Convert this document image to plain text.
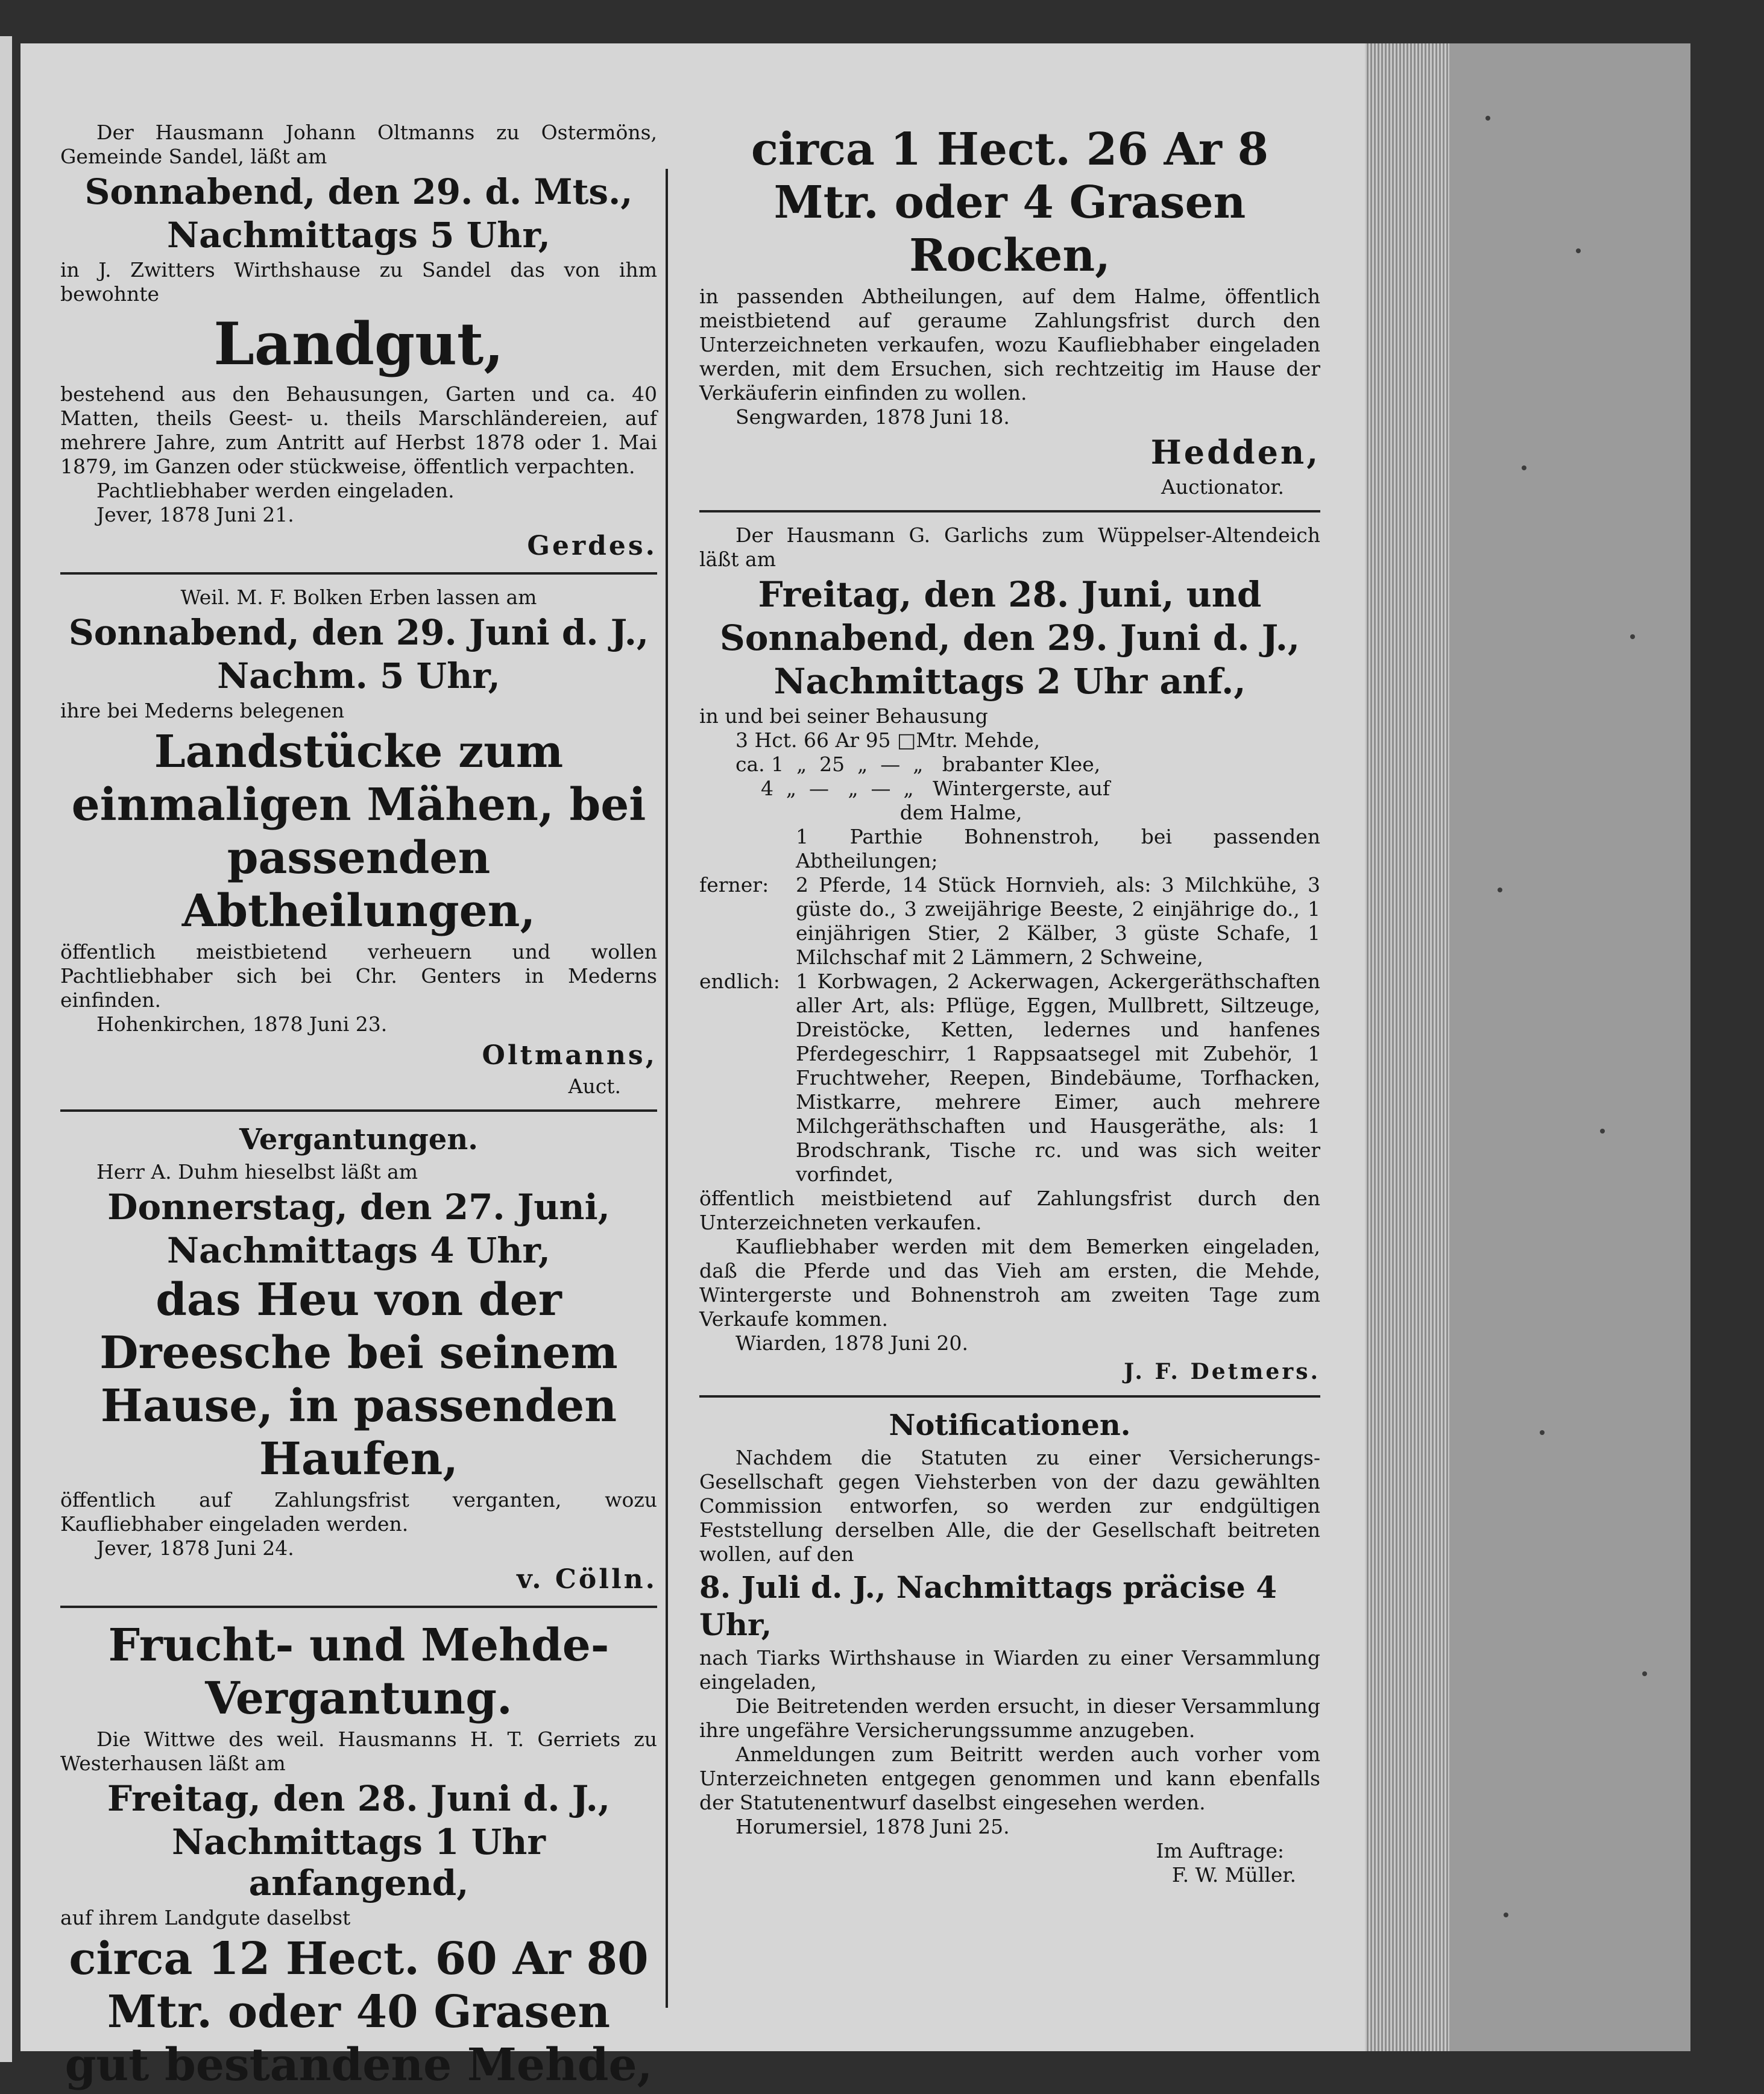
Der Hausmann Johann Oltmanns zu Ostermöns, Gemeinde Sandel, läßt am

Sonnabend, den 29. d. Mts.,
Nachmittags 5 Uhr,

in J. Zwitters Wirthshause zu Sandel das von ihm bewohnte

Landgut,

bestehend aus den Behausungen, Garten und ca. 40 Matten, theils Geest- u. theils Marschländereien, auf mehrere Jahre, zum Antritt auf Herbst 1878 oder 1. Mai 1879, im Ganzen oder stückweise, öffentlich verpachten.

Pachtliebhaber werden eingeladen.

Jever, 1878 Juni 21.

Gerdes.

Weil. M. F. Bolken Erben lassen am

Sonnabend, den 29. Juni d. J.,
Nachm. 5 Uhr,

ihre bei Mederns belegenen

Landstücke zum einmaligen Mähen, bei passenden Abtheilungen,

öffentlich meistbietend verheuern und wollen Pachtliebhaber sich bei Chr. Genters in Mederns einfinden.

Hohenkirchen, 1878 Juni 23.

Oltmanns,

Auct.

Vergantungen.

Herr A. Duhm hieselbst läßt am

Donnerstag, den 27. Juni,
Nachmittags 4 Uhr,
das Heu von der Dreesche bei seinem Hause, in passenden Haufen,

öffentlich auf Zahlungsfrist verganten, wozu Kaufliebhaber eingeladen werden.

Jever, 1878 Juni 24.

v. Cölln.
Frucht- und Mehde-Vergantung.

Die Wittwe des weil. Hausmanns H. T. Gerriets zu Westerhausen läßt am

Freitag, den 28. Juni d. J.,
Nachmittags 1 Uhr anfangend,

auf ihrem Landgute daselbst

circa 12 Hect. 60 Ar 80 Mtr. oder 40 Grasen gut bestandene Mehde,
circa 1 Hect. 26 Ar 8 Mtr. oder 4 Grasen Rocken,

in passenden Abtheilungen, auf dem Halme, öffentlich meistbietend auf geraume Zahlungsfrist durch den Unterzeichneten verkaufen, wozu Kaufliebhaber eingeladen werden, mit dem Ersuchen, sich rechtzeitig im Hause der Verkäuferin einfinden zu wollen.

Sengwarden, 1878 Juni 18.

Hedden,

Auctionator.

Der Hausmann G. Garlichs zum Wüppelser-Altendeich läßt am

Freitag, den 28. Juni, und
Sonnabend, den 29. Juni d. J.,
Nachmittags 2 Uhr anf.,

in und bei seiner Behausung

3 Hct. 66 Ar 95 □Mtr. Mehde,
ca. 1  „  25  „  —  „   brabanter Klee,
4  „  —   „  —  „   Wintergerste, auf
dem Halme,

1 Parthie Bohnenstroh, bei passenden Abtheilungen;

ferner:	2 Pferde, 14 Stück Hornvieh, als: 3 Milchkühe, 3 güste do., 3 zweijährige Beeste, 2 einjährige do., 1 einjährigen Stier, 2 Kälber, 3 güste Schafe, 1 Milchschaf mit 2 Lämmern, 2 Schweine,
endlich: 1 Korbwagen, 2 Ackerwagen, Ackergeräthschaften aller Art, als: Pflüge, Eggen, Mullbrett, Siltzeuge, Dreistöcke, Ketten, ledernes und hanfenes Pferdegeschirr, 1 Rappsaatsegel mit Zubehör, 1 Fruchtweher, Reepen, Bindebäume, Torfhacken, Mistkarre, mehrere Eimer, auch mehrere Milchgeräthschaften und Hausgeräthe, als: 1 Brodschrank, Tische rc. und was sich weiter vorfindet,

öffentlich meistbietend auf Zahlungsfrist durch den Unterzeichneten verkaufen.

Kaufliebhaber werden mit dem Bemerken eingeladen, daß die Pferde und das Vieh am ersten, die Mehde, Wintergerste und Bohnenstroh am zweiten Tage zum Verkaufe kommen.

Wiarden, 1878 Juni 20.

J. F. Detmers.
Notificationen.

Nachdem die Statuten zu einer Versicherungs-Gesellschaft gegen Viehsterben von der dazu gewählten Commission entworfen, so werden zur endgültigen Feststellung derselben Alle, die der Gesellschaft beitreten wollen, auf den

8. Juli d. J., Nachmittags präcise 4 Uhr,

nach Tiarks Wirthshause in Wiarden zu einer Versammlung eingeladen,

Die Beitretenden werden ersucht, in dieser Versammlung ihre ungefähre Versicherungssumme anzugeben.

Anmeldungen zum Beitritt werden auch vorher vom Unterzeichneten entgegen genommen und kann ebenfalls der Statutenentwurf daselbst eingesehen werden.

Horumersiel, 1878 Juni 25.

Im Auftrage:

F. W. Müller.
